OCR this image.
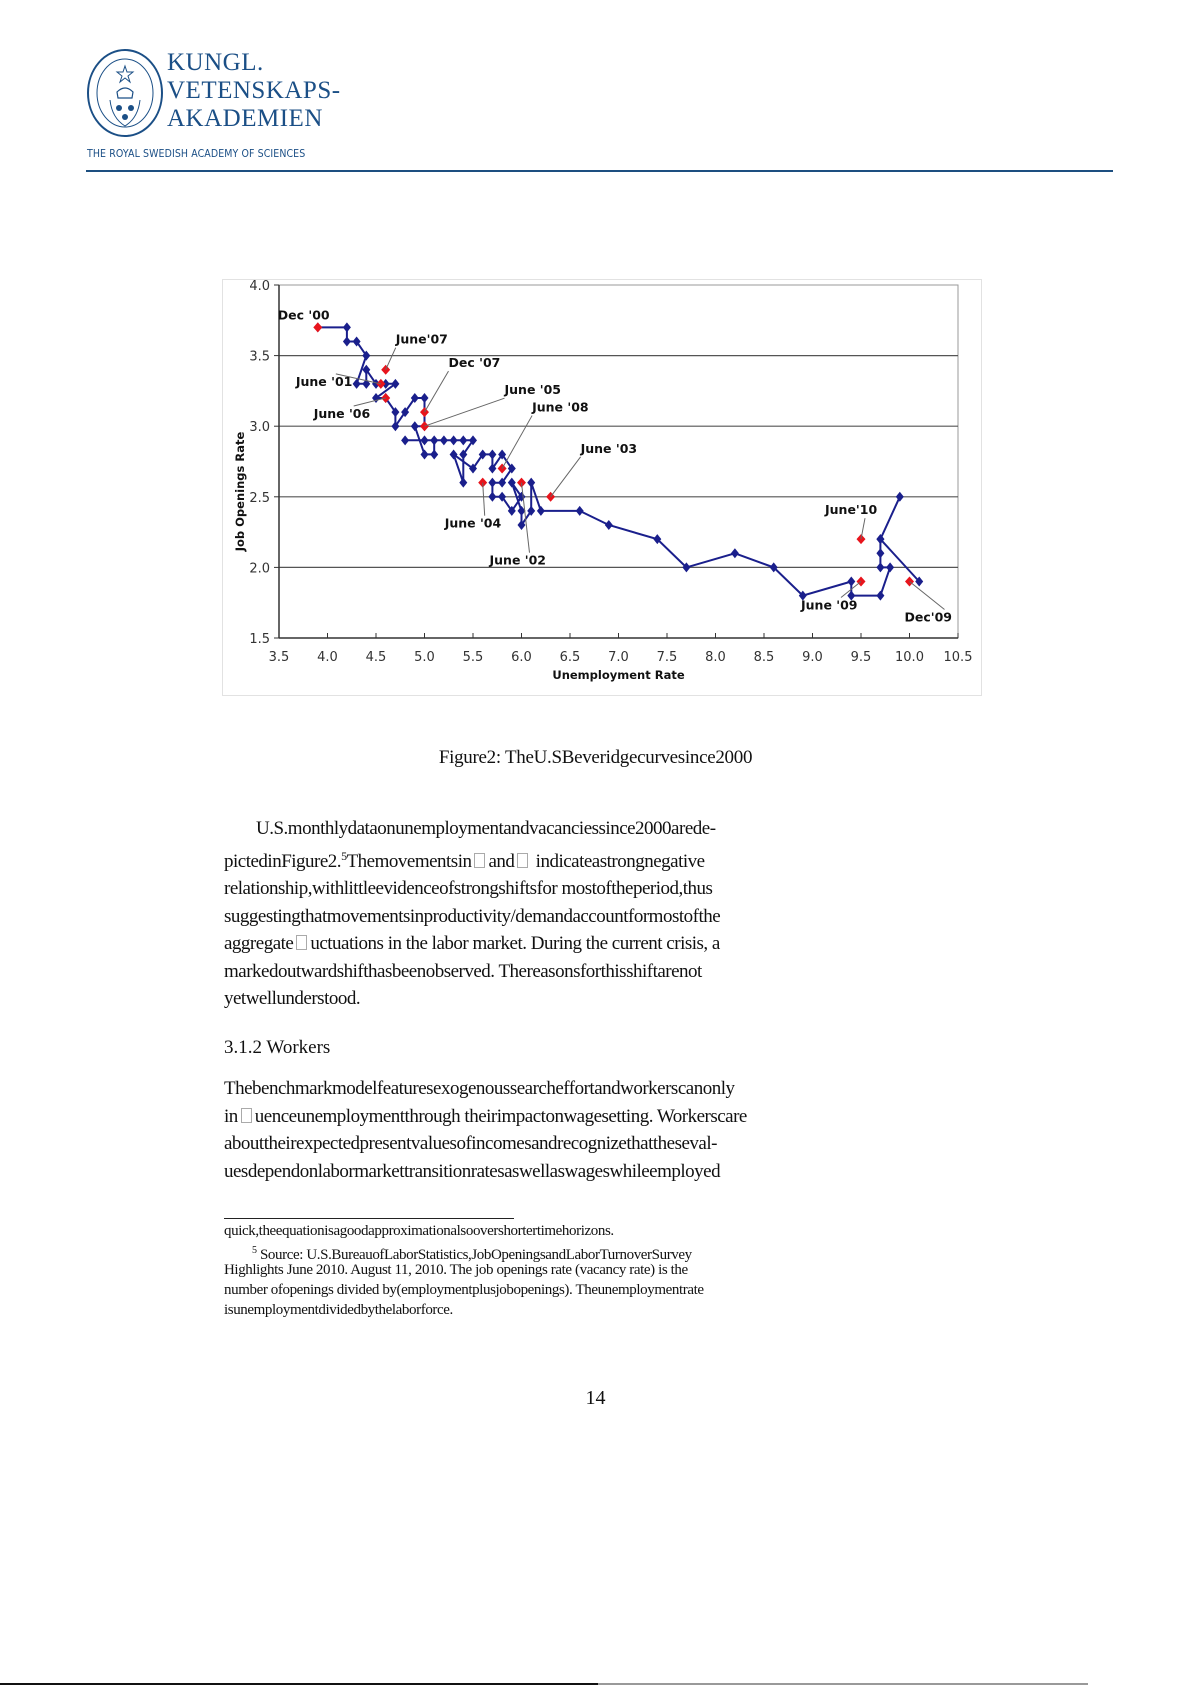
KUNGL.
VETENSKAPS-
AKADEMIEN
THE ROYAL SWEDISH ACADEMY OF SCIENCES
1.5
2.0
2.5
3.0
3.5
4.0
3.5 4.0 4.5 5.0 5.5 6.0 6.5 7.0 7.5 8.0 8.5 9.0 9.5 10.0 10.5
Unemployment Rate
Job Openings Rate
Dec '00
June'07
June '01
June '06
Dec '07
June '05
June '08
June '03
June '04
June '02
June'10
June '09
Dec'09
Figure2: TheU.SBeveridgecurvesince2000
U.S.monthlydataonunemploymentandvacanciessince2000arede-
pictedinFigure2.$^5$Themovementsin and indicateastrongnegative
relationship,withlittleevidenceofstrongshiftsfor mostoftheperiod,thus
suggestingthatmovementsinproductivity/demandaccountformostofthe
aggregate uctuations in the labor market. During the current crisis, a
markedoutwardshifthasbeenobserved. Thereasonsforthisshiftarenot
yetwellunderstood.
3.1.2 Workers
Thebenchmarkmodelfeaturesexogenoussearcheffortandworkerscanonly
in uenceunemploymentthrough theirimpactonwagesetting. Workerscare
abouttheirexpectedpresentvaluesofincomesandrecognizethattheseval-
uesdependonlabormarkettransitionratesaswellaswageswhileemployed
quick,theequationisagoodapproximationalsoovershortertimehorizons.
$^5$ Source: U.S.BureauofLaborStatistics,JobOpeningsandLaborTurnoverSurvey
Highlights June 2010. August 11, 2010. The job openings rate (vacancy rate) is the
number ofopenings divided by(employmentplusjobopenings). Theunemploymentrate
isunemploymentdividedbythelaborforce.
14
